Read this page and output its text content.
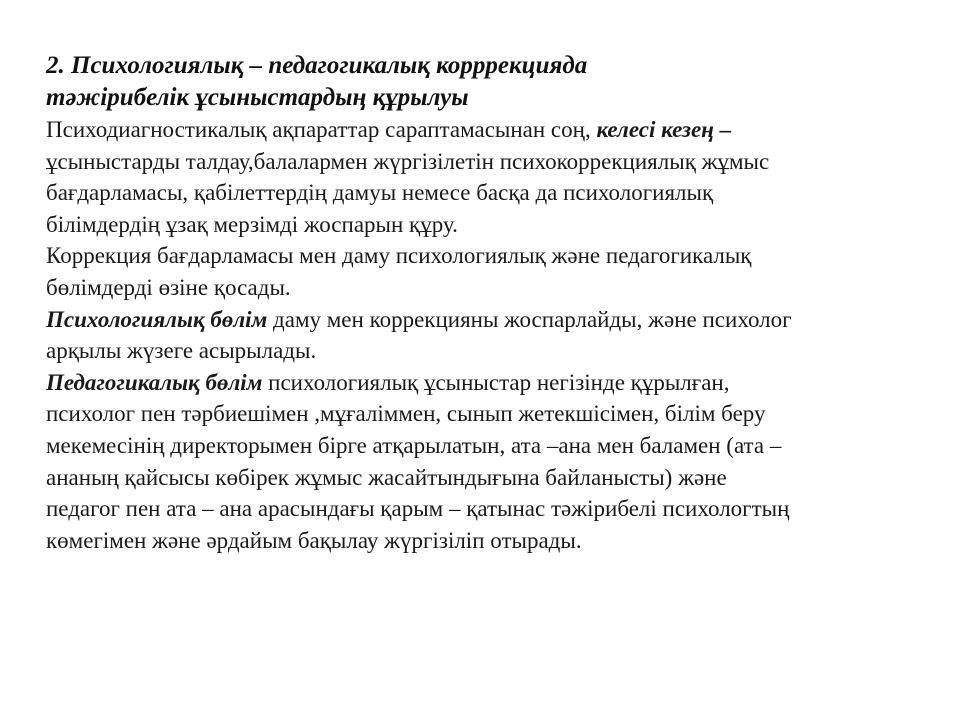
2. Психологиялық – педагогикалық корррекцияда
тәжірибелік ұсыныстардың құрылуы

Психодиагностикалық ақпараттар сараптамасынан соң, келесі кезең –
ұсыныстарды талдау,балалармен жүргізілетін психокоррекциялық жұмыс
бағдарламасы, қабілеттердің дамуы немесе басқа да психологиялық
білімдердің ұзақ мерзімді жоспарын құру.

Коррекция бағдарламасы мен даму психологиялық және педагогикалық
бөлімдерді өзіне қосады.

Психологиялық бөлім даму мен коррекцияны жоспарлайды, және психолог
арқылы жүзеге асырылады.

Педагогикалық бөлім психологиялық ұсыныстар негізінде құрылған,
психолог пен тәрбиешімен ,мұғаліммен, сынып жетекшісімен, білім беру
мекемесінің директорымен бірге атқарылатын, ата –ана мен баламен (ата –
ананың қайсысы көбірек жұмыс жасайтындығына байланысты) және
педагог пен ата – ана арасындағы қарым – қатынас тәжірибелі психологтың
көмегімен және әрдайым бақылау жүргізіліп отырады.
